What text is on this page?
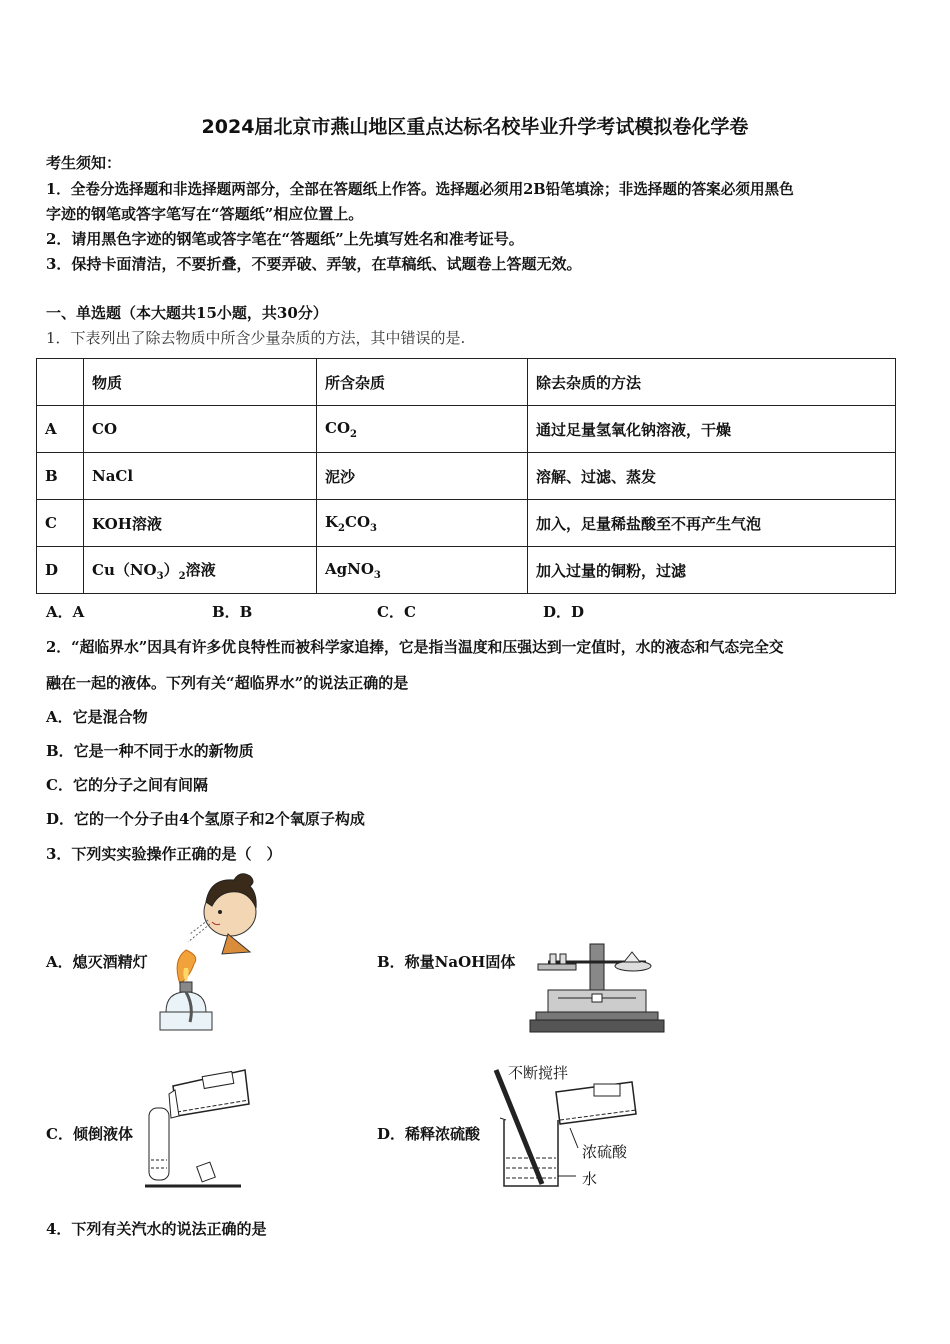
2024届北京市燕山地区重点达标名校毕业升学考试模拟卷化学卷
考生须知：
1．全卷分选择题和非选择题两部分，全部在答题纸上作答。选择题必须用2B铅笔填涂；非选择题的答案必须用黑色
字迹的钢笔或答字笔写在“答题纸”相应位置上。
2．请用黑色字迹的钢笔或答字笔在“答题纸”上先填写姓名和准考证号。
3．保持卡面清洁，不要折叠，不要弄破、弄皱，在草稿纸、试题卷上答题无效。
一、单选题（本大题共15小题，共30分）
1．下表列出了除去物质中所含少量杂质的方法，其中错误的是.
	物质	所含杂质	除去杂质的方法
A	CO	$CO_2$	通过足量氢氧化钠溶液，干燥
B	NaCl	泥沙	溶解、过滤、蒸发
C	KOH溶液	$K_2CO_3$	加入，足量稀盐酸至不再产生气泡
D	$Cu(NO_3)_2$溶液	AgNO$_3$	加入过量的铜粉，过滤
A．A	B．B	C．C	D．D
2．“超临界水”因具有许多优良特性而被科学家追捧，它是指当温度和压强达到一定值时，水的液态和气态完全交
融在一起的液体。下列有关“超临界水”的说法正确的是
A．它是混合物
B．它是一种不同于水的新物质
C．它的分子之间有间隔
D．它的一个分子由4个氢原子和2个氧原子构成
3．下列实实验操作正确的是（　）
A．熄灭酒精灯	B．称量NaOH固体
C．倾倒液体	D．稀释浓硫酸
不断搅拌
浓硫酸
水
4．下列有关汽水的说法正确的是
